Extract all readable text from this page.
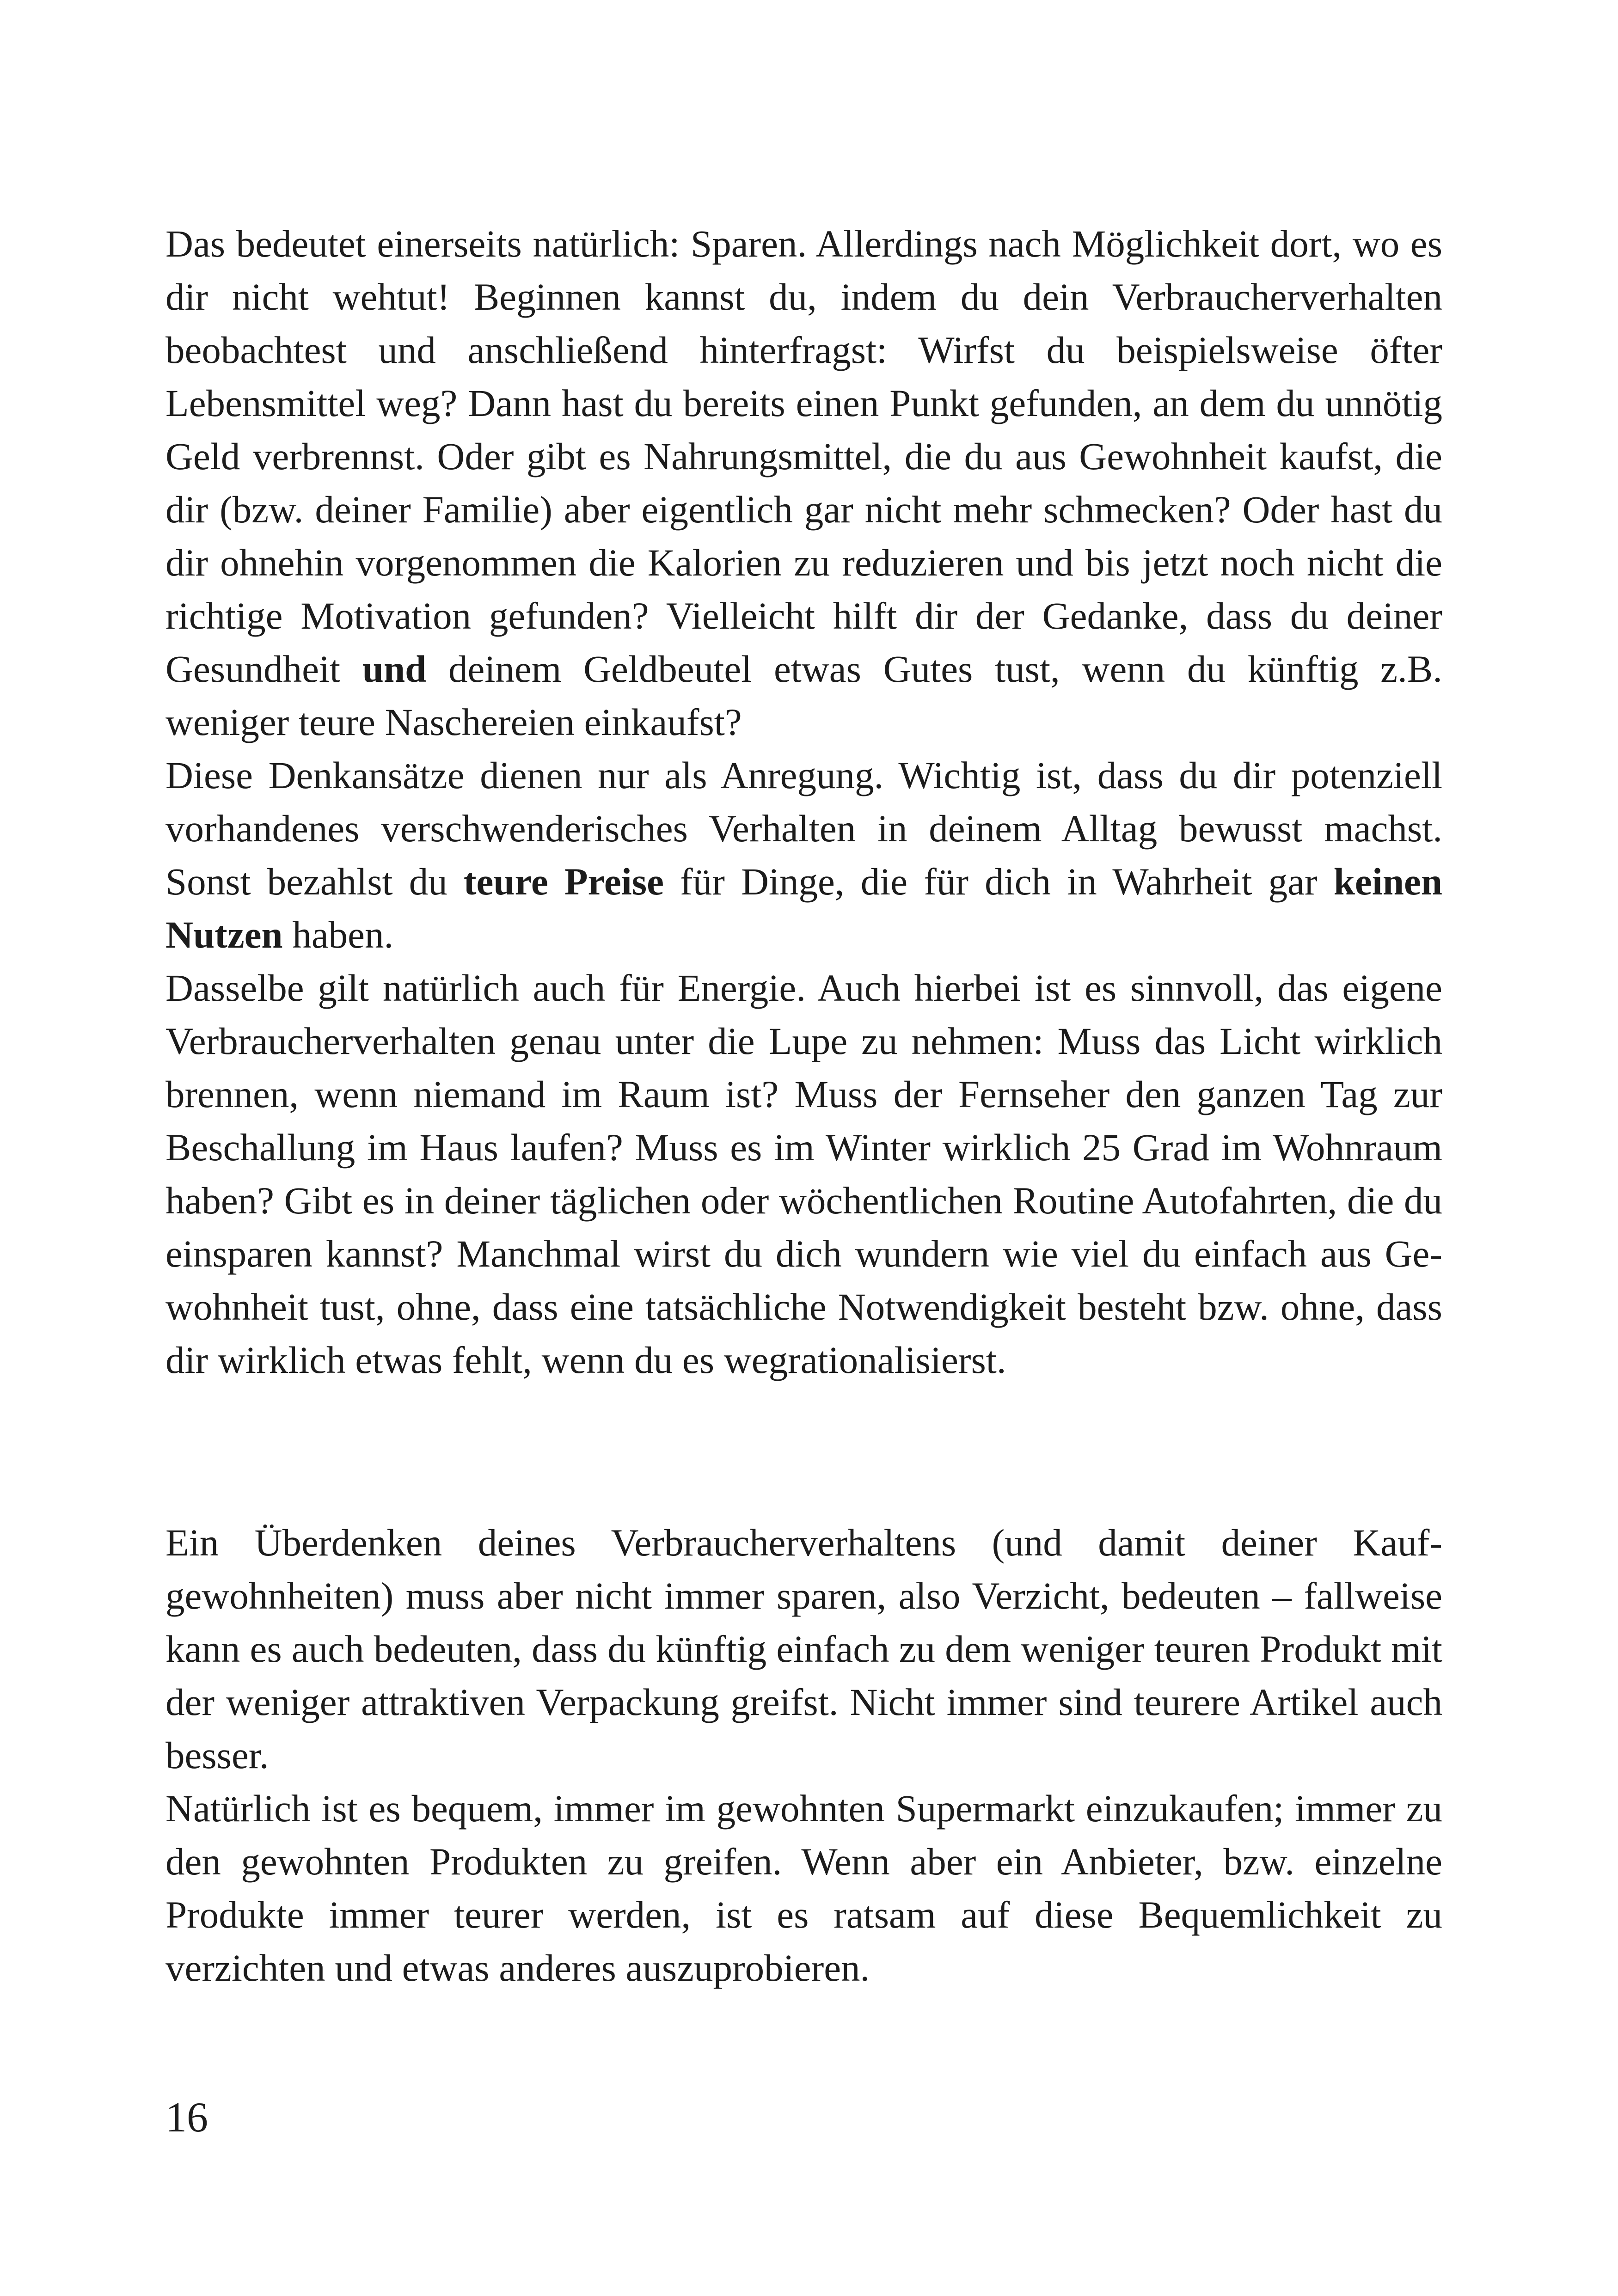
Das bedeutet einerseits natürlich: Sparen. Allerdings nach Möglichkeit dort, wo es dir nicht wehtut! Beginnen kannst du, indem du dein Verbraucherverhalten beobachtest und anschließend hinterfragst: Wirfst du beispielsweise öfter Lebensmittel weg? Dann hast du bereits einen Punkt gefunden, an dem du unnötig Geld verbrennst. Oder gibt es Nahrungsmittel, die du aus Gewohnheit kaufst, die dir (bzw. deiner Familie) aber eigentlich gar nicht mehr schmecken? Oder hast du dir ohnehin vorgenommen die Kalorien zu reduzieren und bis jetzt noch nicht die richtige Motivation gefunden? Vielleicht hilft dir der Gedanke, dass du deiner Gesundheit und deinem Geldbeutel etwas Gutes tust, wenn du künftig z.B. weniger teure Naschereien einkaufst?

Diese Denkansätze dienen nur als Anregung. Wichtig ist, dass du dir potenziell vorhandenes verschwenderisches Verhalten in deinem Alltag bewusst machst. Sonst bezahlst du teure Preise für Dinge, die für dich in Wahrheit gar keinen Nutzen haben.

Dasselbe gilt natürlich auch für Energie. Auch hierbei ist es sinnvoll, das eigene Verbraucherverhalten genau unter die Lupe zu nehmen: Muss das Licht wirklich brennen, wenn niemand im Raum ist? Muss der Fernseher den ganzen Tag zur Beschallung im Haus laufen? Muss es im Winter wirklich 25 Grad im Wohnraum haben? Gibt es in deiner täglichen oder wöchentlichen Routine Autofahrten, die du einsparen kannst? Manchmal wirst du dich wundern wie viel du einfach aus Gewohnheit tust, ohne, dass eine tatsächliche Notwendigkeit besteht bzw. ohne, dass dir wirklich etwas fehlt, wenn du es wegrationalisierst.

Ein Überdenken deines Verbraucherverhaltens (und damit deiner Kaufgewohnheiten) muss aber nicht immer sparen, also Verzicht, bedeuten – fallweise kann es auch bedeuten, dass du künftig einfach zu dem weniger teuren Produkt mit der weniger attraktiven Verpackung greifst. Nicht immer sind teurere Artikel auch besser.

Natürlich ist es bequem, immer im gewohnten Supermarkt einzukaufen; immer zu den gewohnten Produkten zu greifen. Wenn aber ein Anbieter, bzw. einzelne Produkte immer teurer werden, ist es ratsam auf diese Bequemlichkeit zu verzichten und etwas anderes auszuprobieren.

16
